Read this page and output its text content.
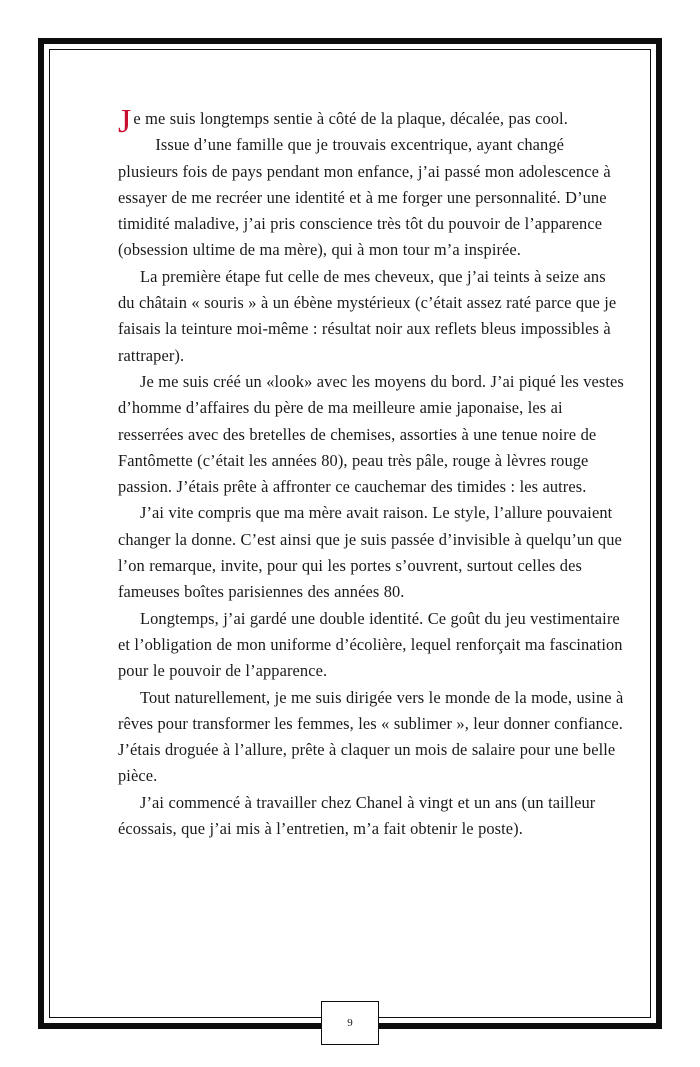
Je me suis longtemps sentie à côté de la plaque, décalée, pas cool.

Issue d’une famille que je trouvais excentrique, ayant changé plusieurs fois de pays pendant mon enfance, j’ai passé mon adolescence à essayer de me recréer une identité et à me forger une personnalité. D’une timidité maladive, j’ai pris conscience très tôt du pouvoir de l’apparence (obsession ultime de ma mère), qui à mon tour m’a inspirée.

La première étape fut celle de mes cheveux, que j’ai teints à seize ans du châtain « souris » à un ébène mystérieux (c’était assez raté parce que je faisais la teinture moi-même : résultat noir aux reflets bleus impossibles à rattraper).

Je me suis créé un «look» avec les moyens du bord. J’ai piqué les vestes d’homme d’affaires du père de ma meilleure amie japonaise, les ai resserrées avec des bretelles de chemises, assorties à une tenue noire de Fantômette (c’était les années 80), peau très pâle, rouge à lèvres rouge passion. J’étais prête à affronter ce cauchemar des timides : les autres.

J’ai vite compris que ma mère avait raison. Le style, l’allure pouvaient changer la donne. C’est ainsi que je suis passée d’invisible à quelqu’un que l’on remarque, invite, pour qui les portes s’ouvrent, surtout celles des fameuses boîtes parisiennes des années 80.

Longtemps, j’ai gardé une double identité. Ce goût du jeu vestimentaire et l’obligation de mon uniforme d’écolière, lequel renforçait ma fascination pour le pouvoir de l’apparence.

Tout naturellement, je me suis dirigée vers le monde de la mode, usine à rêves pour transformer les femmes, les « sublimer », leur donner confiance. J’étais droguée à l’allure, prête à claquer un mois de salaire pour une belle pièce.

J’ai commencé à travailler chez Chanel à vingt et un ans (un tailleur écossais, que j’ai mis à l’entretien, m’a fait obtenir le poste).

9
